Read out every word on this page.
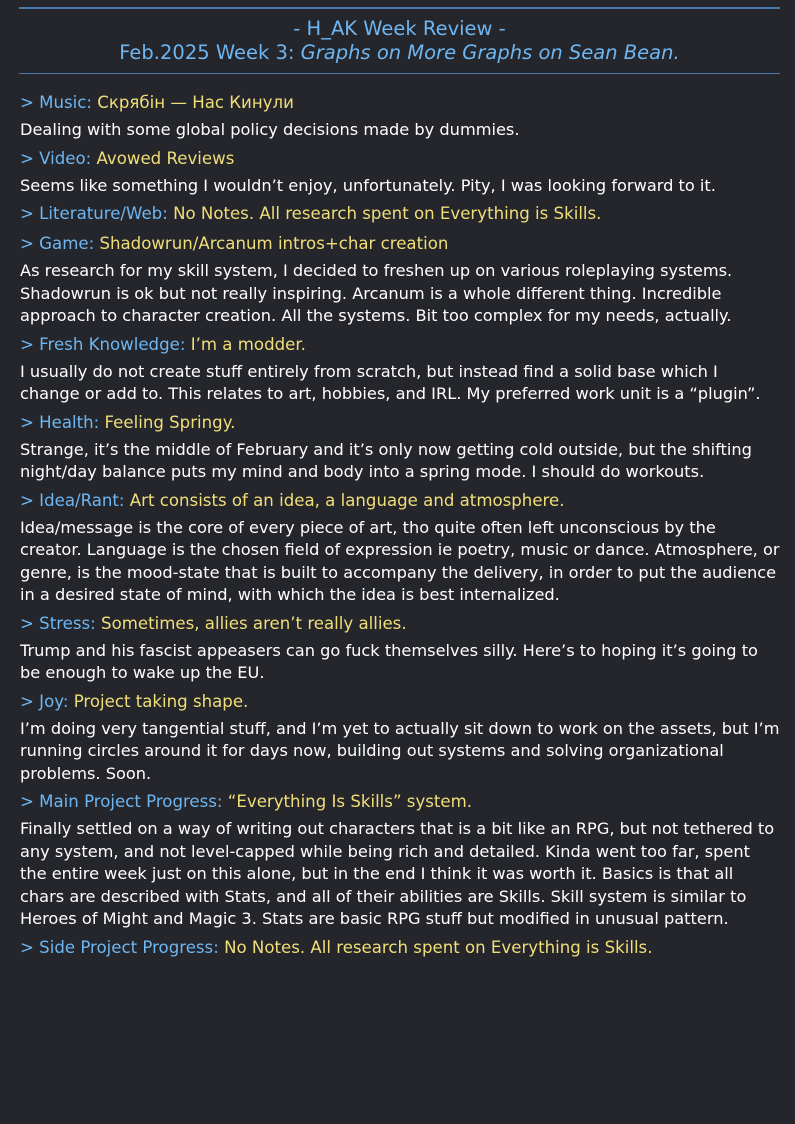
- H_AK Week Review -
Feb.2025 Week 3: Graphs on More Graphs on Sean Bean.

> Music: Скрябін — Нас Кинули

Dealing with some global policy decisions made by dummies.

> Video: Avowed Reviews

Seems like something I wouldn’t enjoy, unfortunately. Pity, I was looking forward to it.

> Literature/Web: No Notes. All research spent on Everything is Skills.

> Game: Shadowrun/Arcanum intros+char creation

As research for my skill system, I decided to freshen up on various roleplaying systems. Shadowrun is ok but not really inspiring. Arcanum is a whole different thing. Incredible approach to character creation. All the systems. Bit too complex for my needs, actually.

> Fresh Knowledge: I’m a modder.

I usually do not create stuff entirely from scratch, but instead find a solid base which I change or add to. This relates to art, hobbies, and IRL. My preferred work unit is a “plugin”.

> Health: Feeling Springy.

Strange, it’s the middle of February and it’s only now getting cold outside, but the shifting night/day balance puts my mind and body into a spring mode. I should do workouts.

> Idea/Rant: Art consists of an idea, a language and atmosphere.

Idea/message is the core of every piece of art, tho quite often left unconscious by the creator. Language is the chosen field of expression ie poetry, music or dance. Atmosphere, or genre, is the mood-state that is built to accompany the delivery, in order to put the audience in a desired state of mind, with which the idea is best internalized.

> Stress: Sometimes, allies aren’t really allies.

Trump and his fascist appeasers can go fuck themselves silly. Here’s to hoping it’s going to be enough to wake up the EU.

> Joy: Project taking shape.

I’m doing very tangential stuff, and I’m yet to actually sit down to work on the assets, but I’m running circles around it for days now, building out systems and solving organizational problems. Soon.

> Main Project Progress: “Everything Is Skills” system.

Finally settled on a way of writing out characters that is a bit like an RPG, but not tethered to any system, and not level-capped while being rich and detailed. Kinda went too far, spent the entire week just on this alone, but in the end I think it was worth it. Basics is that all chars are described with Stats, and all of their abilities are Skills. Skill system is similar to Heroes of Might and Magic 3. Stats are basic RPG stuff but modified in unusual pattern.

> Side Project Progress: No Notes. All research spent on Everything is Skills.
